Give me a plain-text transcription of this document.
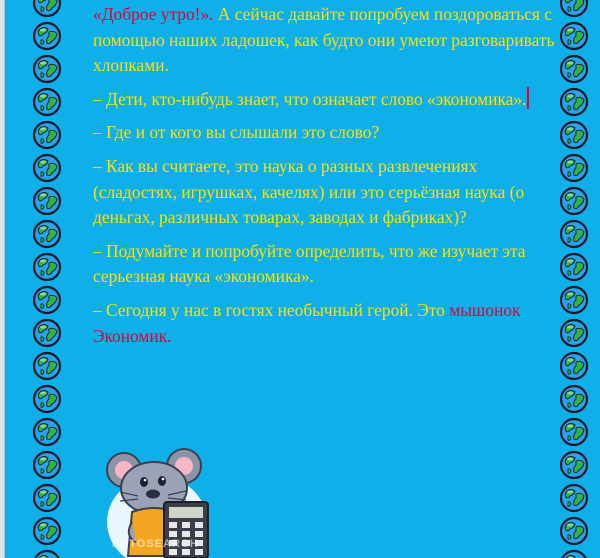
«Доброе утро!». А сейчас давайте попробуем поздороваться с помощью наших ладошек, как будто они умеют разговаривать хлопками.

– Дети, кто-нибудь знает, что означает слово «экономика».

– Где и от кого вы слышали это слово?

– Как вы считаете, это наука о разных развлечениях (сладостях, игрушках, качелях) или это серьёзная наука (о деньгах, различных товарах, заводах и фабриках)?

– Подумайте и попробуйте определить, что же изучает эта серьезная наука «экономика».

– Сегодня у нас в гостях необычный герой. Это мышонок Экономик.

FOTOSEARCH
